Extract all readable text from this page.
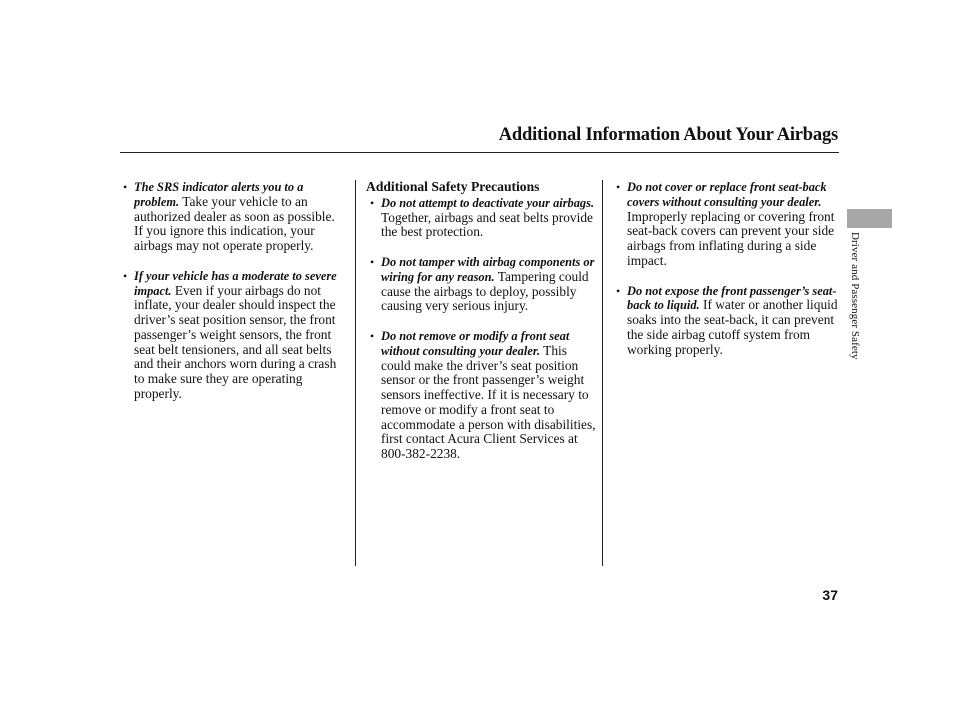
Additional Information About Your Airbags

• The SRS indicator alerts you to a problem. Take your vehicle to an authorized dealer as soon as possible. If you ignore this indication, your airbags may not operate properly.

• If your vehicle has a moderate to severe impact. Even if your airbags do not inflate, your dealer should inspect the driver’s seat position sensor, the front passenger’s weight sensors, the front seat belt tensioners, and all seat belts and their anchors worn during a crash to make sure they are operating properly.

Additional Safety Precautions

• Do not attempt to deactivate your airbags. Together, airbags and seat belts provide the best protection.

• Do not tamper with airbag components or wiring for any reason. Tampering could cause the airbags to deploy, possibly causing very serious injury.

• Do not remove or modify a front seat without consulting your dealer. This could make the driver’s seat position sensor or the front passenger’s weight sensors ineffective. If it is necessary to remove or modify a front seat to accommodate a person with disabilities, first contact Acura Client Services at 800-382-2238.

• Do not cover or replace front seat-back covers without consulting your dealer. Improperly replacing or covering front seat-back covers can prevent your side airbags from inflating during a side impact.

• Do not expose the front passenger’s seat-back to liquid. If water or another liquid soaks into the seat-back, it can prevent the side airbag cutoff system from working properly.	Driver and Passenger Safety
37
